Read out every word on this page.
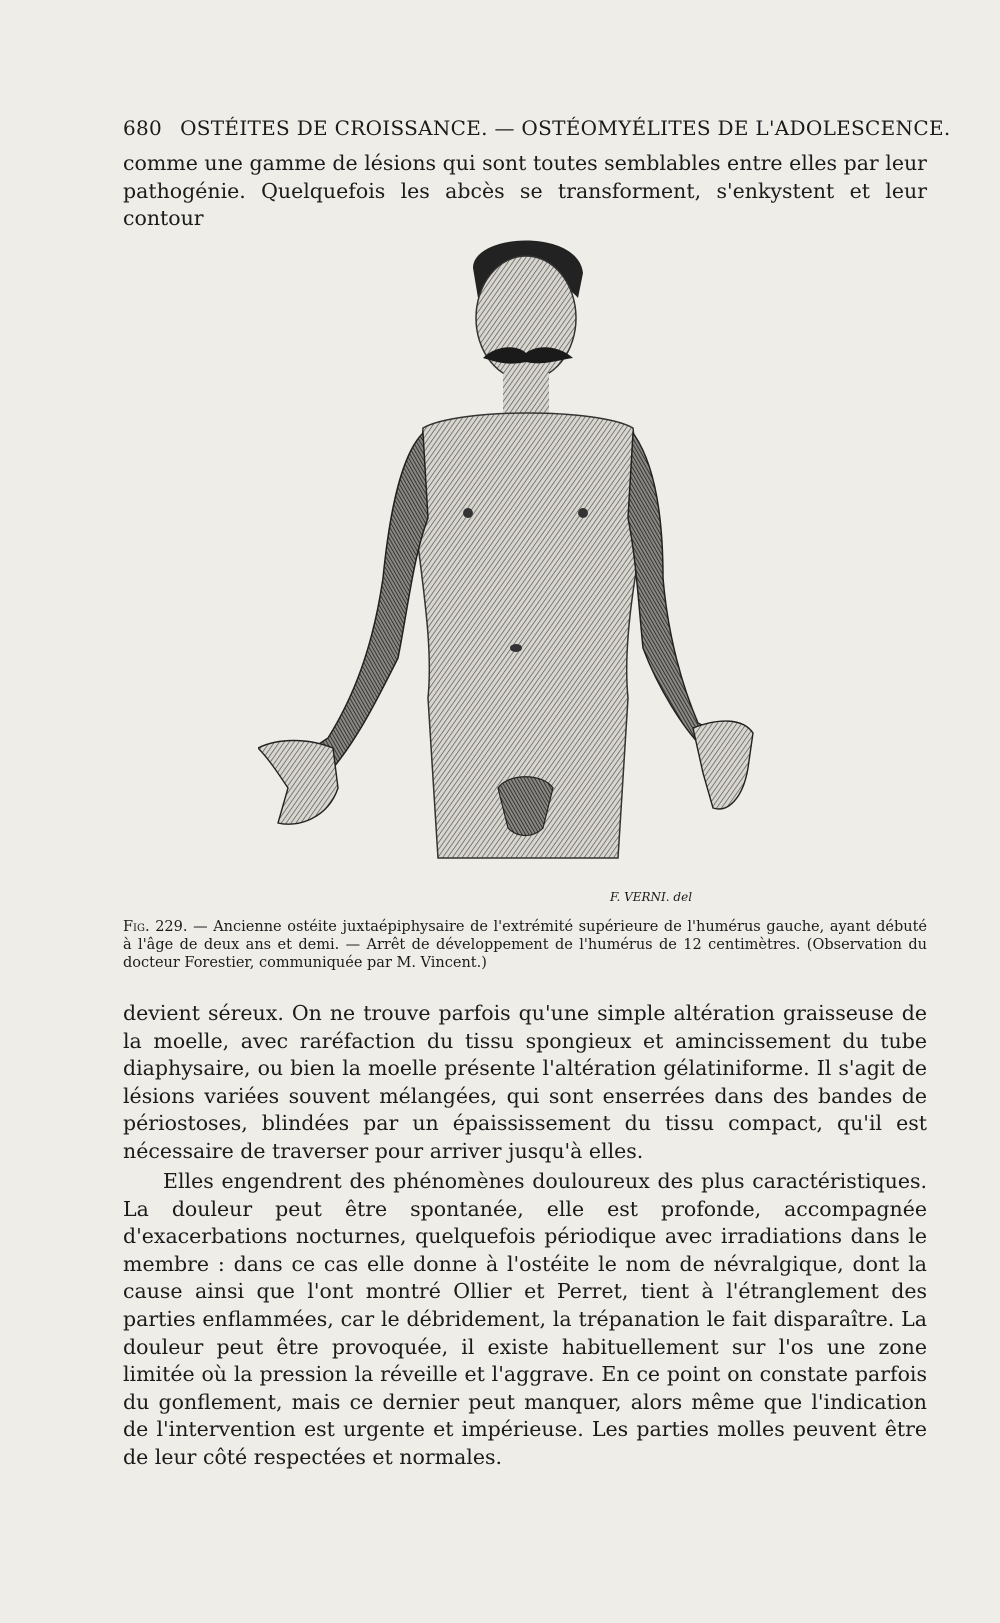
680 OSTÉITES DE CROISSANCE. — OSTÉOMYÉLITES DE L'ADOLESCENCE.
comme une gamme de lésions qui sont toutes semblables entre elles par leur pathogénie. Quelquefois les abcès se transforment, s'enkystent et leur contour
F. VERNI. del
Fig. 229. — Ancienne ostéite juxtaépiphysaire de l'extrémité supérieure de l'humérus gauche, ayant débuté à l'âge de deux ans et demi. — Arrêt de développement de l'humérus de 12 centimètres. (Observation du docteur Forestier, communiquée par M. Vincent.)
devient séreux. On ne trouve parfois qu'une simple altération graisseuse de la moelle, avec raréfaction du tissu spongieux et amincissement du tube diaphysaire, ou bien la moelle présente l'altération gélatiniforme. Il s'agit de lésions variées souvent mélangées, qui sont enserrées dans des bandes de périostoses, blindées par un épaississement du tissu compact, qu'il est nécessaire de traverser pour arriver jusqu'à elles.
Elles engendrent des phénomènes douloureux des plus caractéristiques. La douleur peut être spontanée, elle est profonde, accompagnée d'exacerbations nocturnes, quelquefois périodique avec irradiations dans le membre : dans ce cas elle donne à l'ostéite le nom de névralgique, dont la cause ainsi que l'ont montré Ollier et Perret, tient à l'étranglement des parties enflammées, car le débridement, la trépanation le fait disparaître. La douleur peut être provoquée, il existe habituellement sur l'os une zone limitée où la pression la réveille et l'aggrave. En ce point on constate parfois du gonflement, mais ce dernier peut manquer, alors même que l'indication de l'intervention est urgente et impérieuse. Les parties molles peuvent être de leur côté respectées et normales.
